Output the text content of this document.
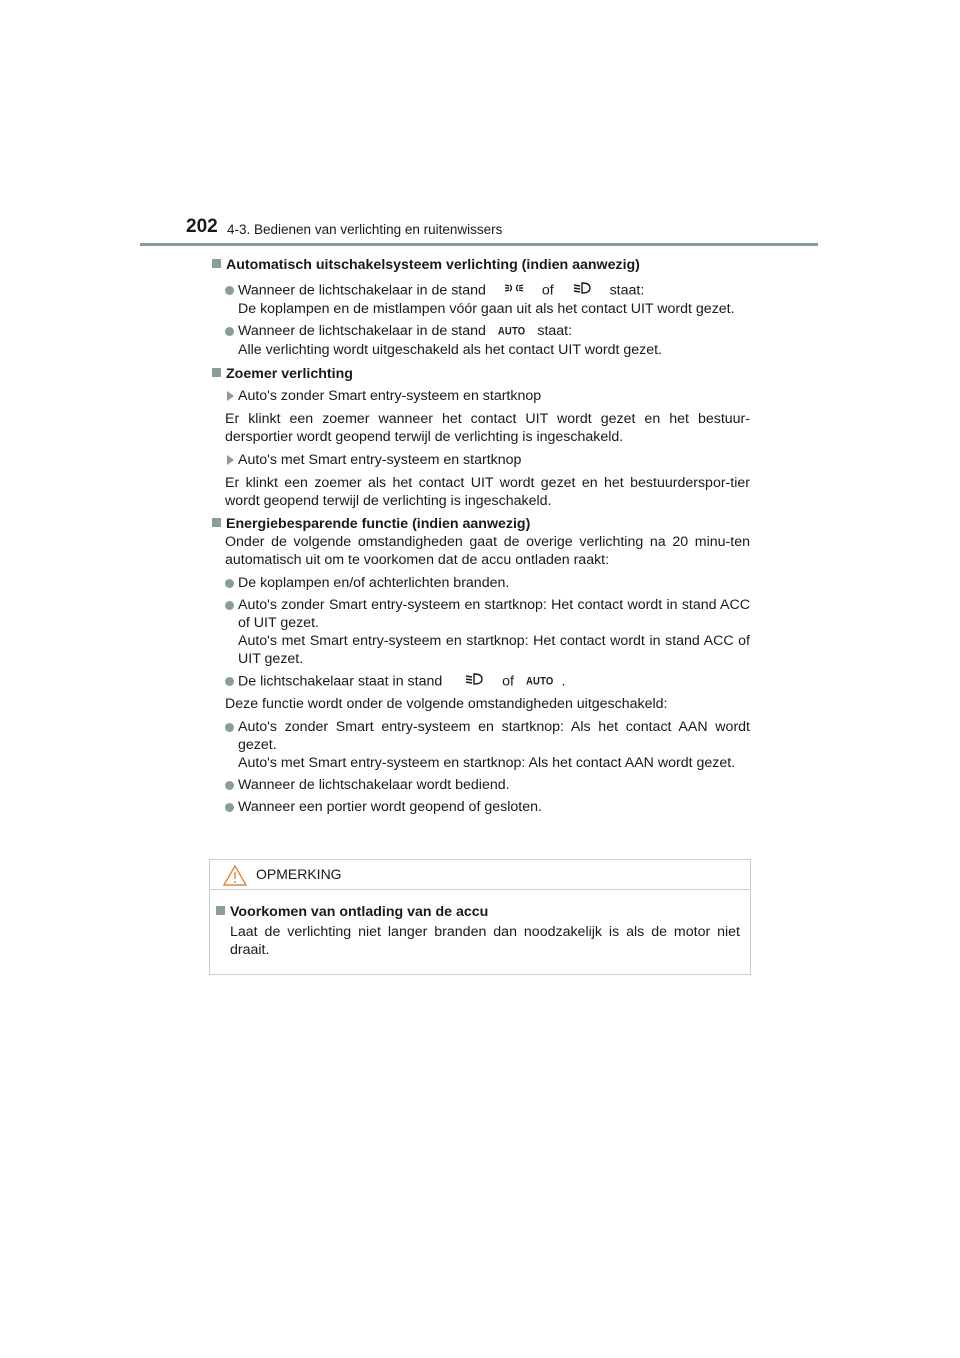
202 4-3. Bedienen van verlichting en ruitenwissers
Automatisch uitschakelsysteem verlichting (indien aanwezig)
Wanneer de lichtschakelaar in de stand	of	staat:
De koplampen en de mistlampen vóór gaan uit als het contact UIT wordt gezet.
Wanneer de lichtschakelaar in de stand AUTO staat:
Alle verlichting wordt uitgeschakeld als het contact UIT wordt gezet.
Zoemer verlichting
Auto's zonder Smart entry-systeem en startknop
Er klinkt een zoemer wanneer het contact UIT wordt gezet en het bestuur-dersportier wordt geopend terwijl de verlichting is ingeschakeld.
Auto's met Smart entry-systeem en startknop
Er klinkt een zoemer als het contact UIT wordt gezet en het bestuurderspor-tier wordt geopend terwijl de verlichting is ingeschakeld.
Energiebesparende functie (indien aanwezig)
Onder de volgende omstandigheden gaat de overige verlichting na 20 minu-ten automatisch uit om te voorkomen dat de accu ontladen raakt:
De koplampen en/of achterlichten branden.
Auto's zonder Smart entry-systeem en startknop: Het contact wordt in stand ACC of UIT gezet.
Auto's met Smart entry-systeem en startknop: Het contact wordt in stand ACC of UIT gezet.
De lichtschakelaar staat in stand	of AUTO .
Deze functie wordt onder de volgende omstandigheden uitgeschakeld:
Auto's zonder Smart entry-systeem en startknop: Als het contact AAN wordt gezet.
Auto's met Smart entry-systeem en startknop: Als het contact AAN wordt gezet.
Wanneer de lichtschakelaar wordt bediend.
Wanneer een portier wordt geopend of gesloten.
OPMERKING
Voorkomen van ontlading van de accu
Laat de verlichting niet langer branden dan noodzakelijk is als de motor niet draait.
